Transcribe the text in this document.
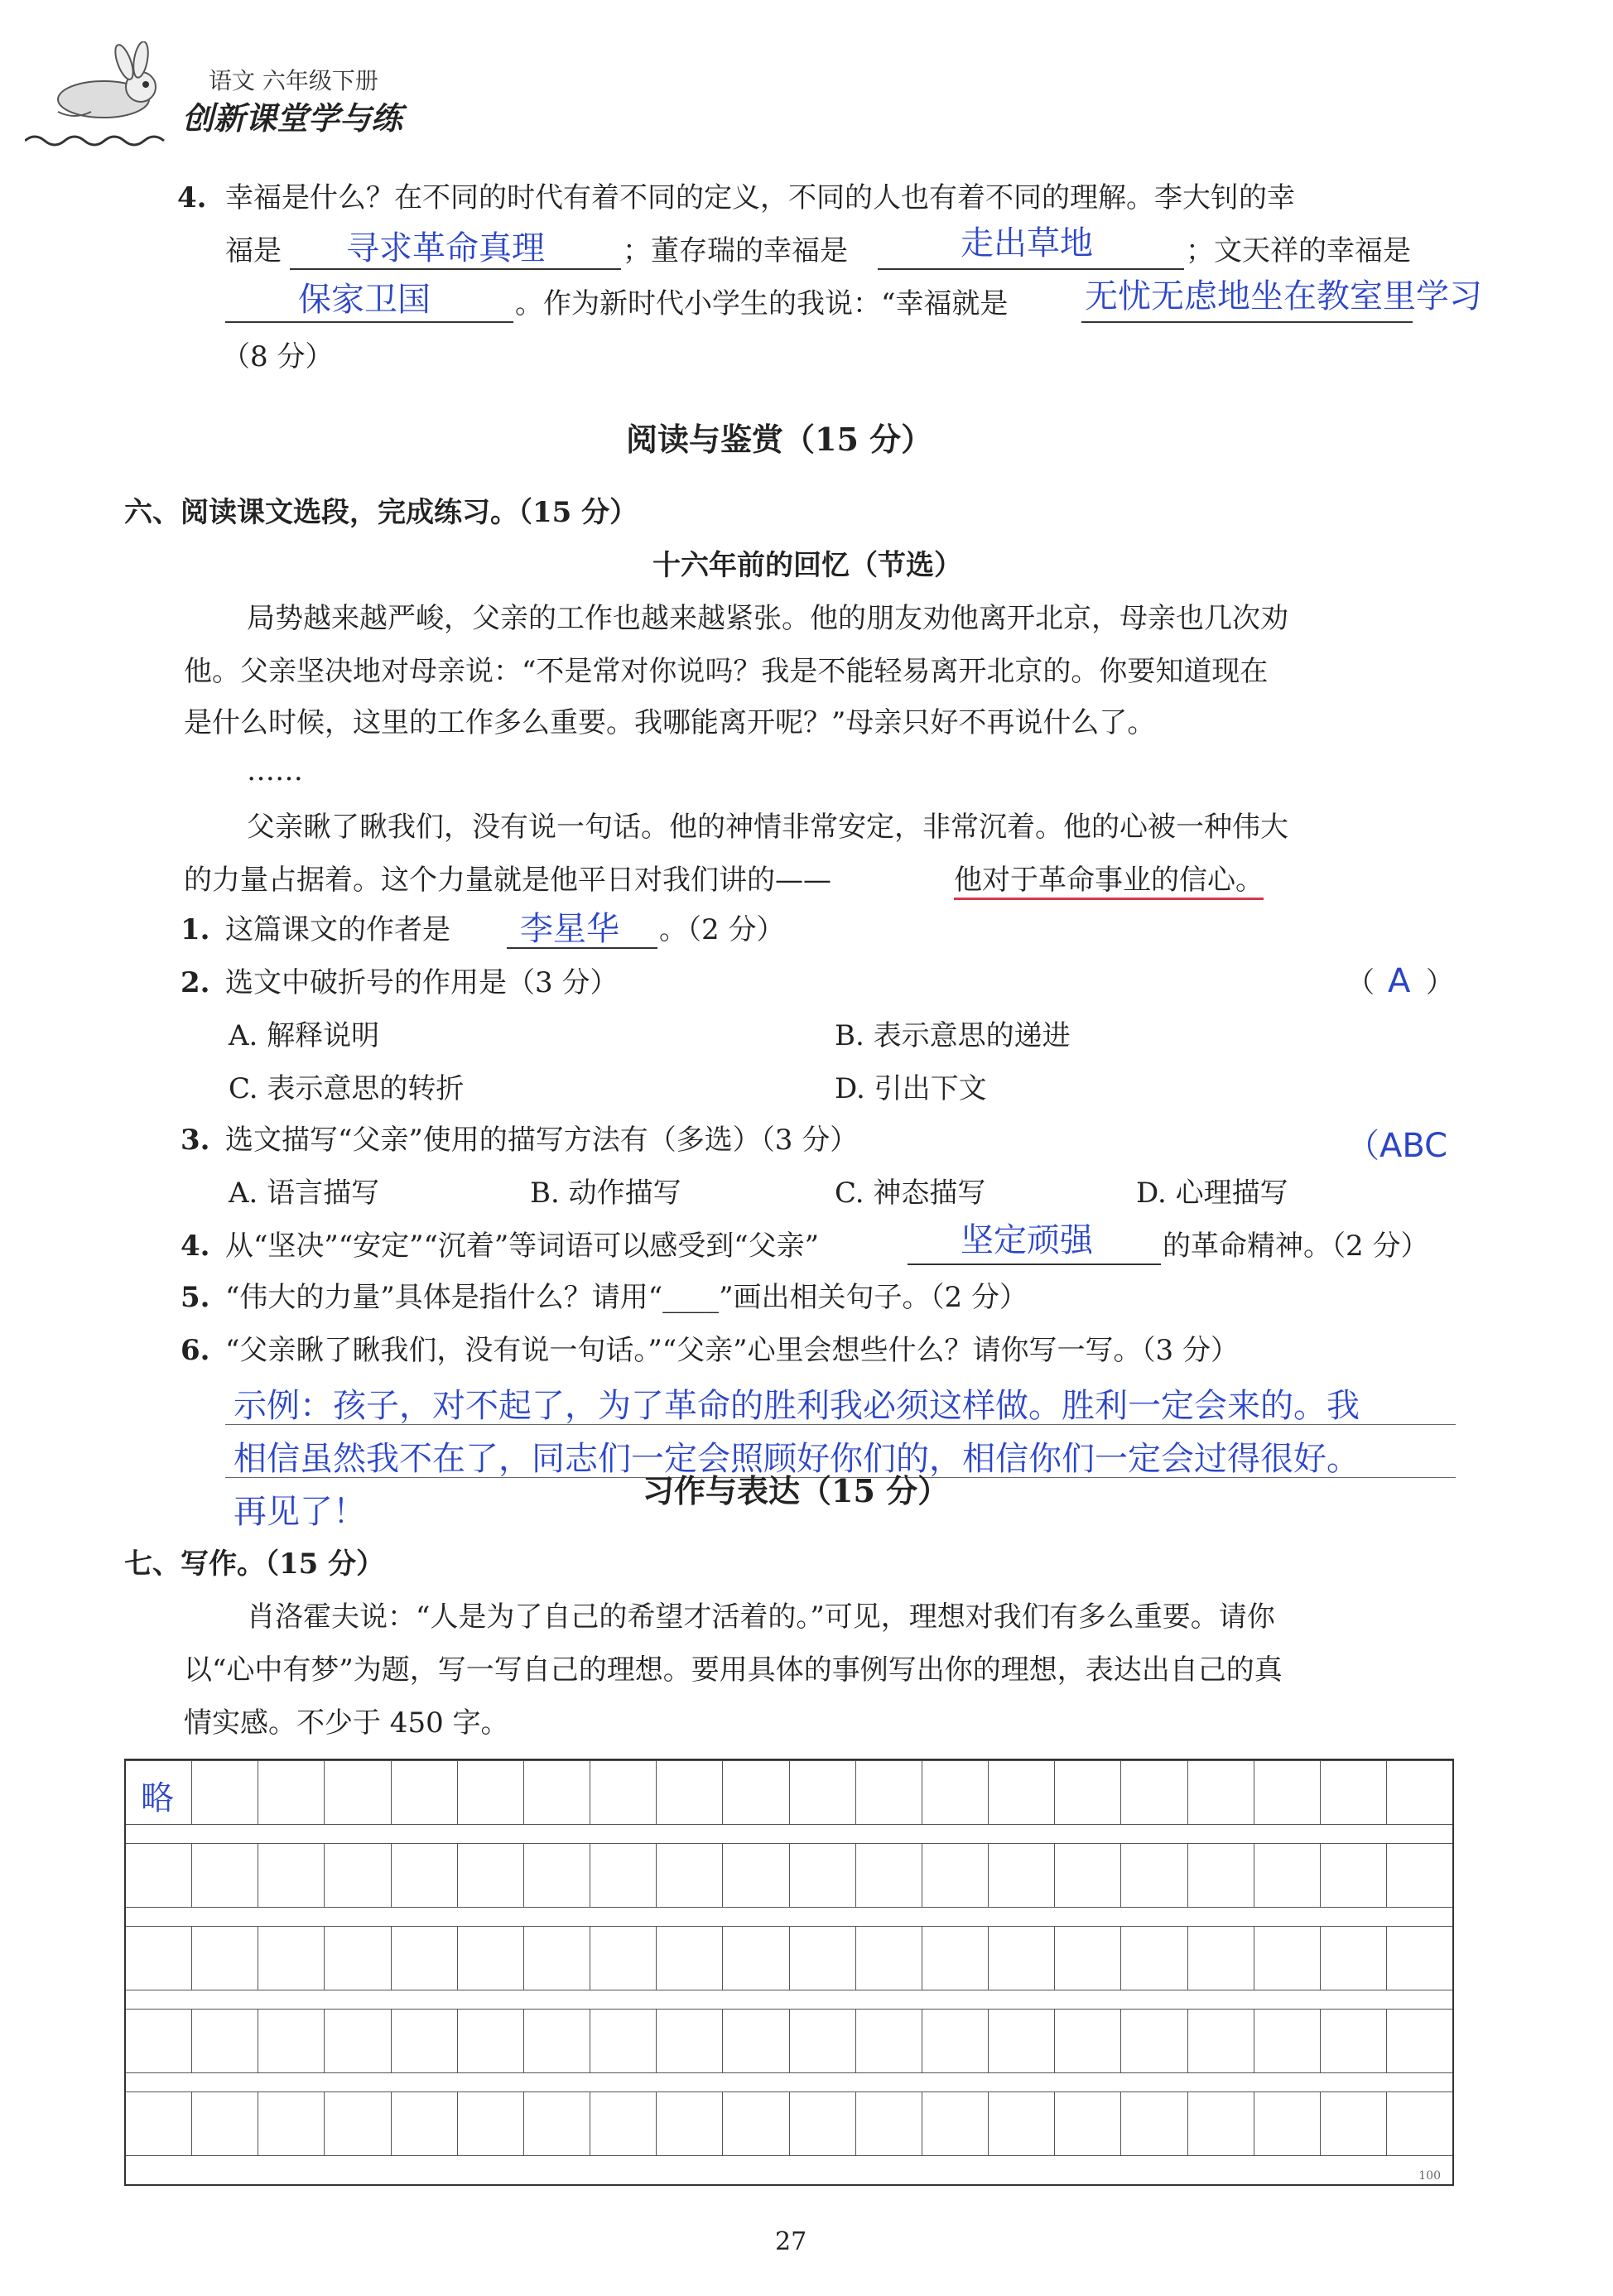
语文 六年级下册
创新课堂学与练
4. 幸福是什么？在不同的时代有着不同的定义，不同的人也有着不同的理解。李大钊的幸
福是 寻求革命真理	；董存瑞的幸福是	走出草地	；文天祥的幸福是
保家卫国	。作为新时代小学生的我说：“幸福就是 无忧无虑地坐在教室里学习
（8 分）
阅读与鉴赏（15 分）
六、阅读课文选段，完成练习。（15 分）
十六年前的回忆（节选）
局势越来越严峻，父亲的工作也越来越紧张。他的朋友劝他离开北京，母亲也几次劝
他。父亲坚决地对母亲说：“不是常对你说吗？我是不能轻易离开北京的。你要知道现在
是什么时候，这里的工作多么重要。我哪能离开呢？”母亲只好不再说什么了。
……
父亲瞅了瞅我们，没有说一句话。他的神情非常安定，非常沉着。他的心被一种伟大
的力量占据着。这个力量就是他平日对我们讲的——	他对于革命事业的信心。
1. 这篇课文的作者是 李星华 。（2 分）
2. 选文中破折号的作用是（3 分）	（ A ）
A. 解释说明	B. 表示意思的递进
C. 表示意思的转折	D. 引出下文
3. 选文描写“父亲”使用的描写方法有（多选）（3 分）	（ABC
A. 语言描写	B. 动作描写	C. 神态描写	D. 心理描写
4. 从“坚决”“安定”“沉着”等词语可以感受到“父亲”	坚定顽强 的革命精神。（2 分）
5. “伟大的力量”具体是指什么？请用“____”画出相关句子。（2 分）
6. “父亲瞅了瞅我们，没有说一句话。”“父亲”心里会想些什么？请你写一写。（3 分）
示例：孩子，对不起了，为了革命的胜利我必须这样做。胜利一定会来的。我
相信虽然我不在了，同志们一定会照顾好你们的，相信你们一定会过得很好。
再见了！
习作与表达（15 分）
七、写作。（15 分）
肖洛霍夫说：“人是为了自己的希望才活着的。”可见，理想对我们有多么重要。请你
以“心中有梦”为题，写一写自己的理想。要用具体的事例写出你的理想，表达出自己的真
情实感。不少于 450 字。
略
100
27
